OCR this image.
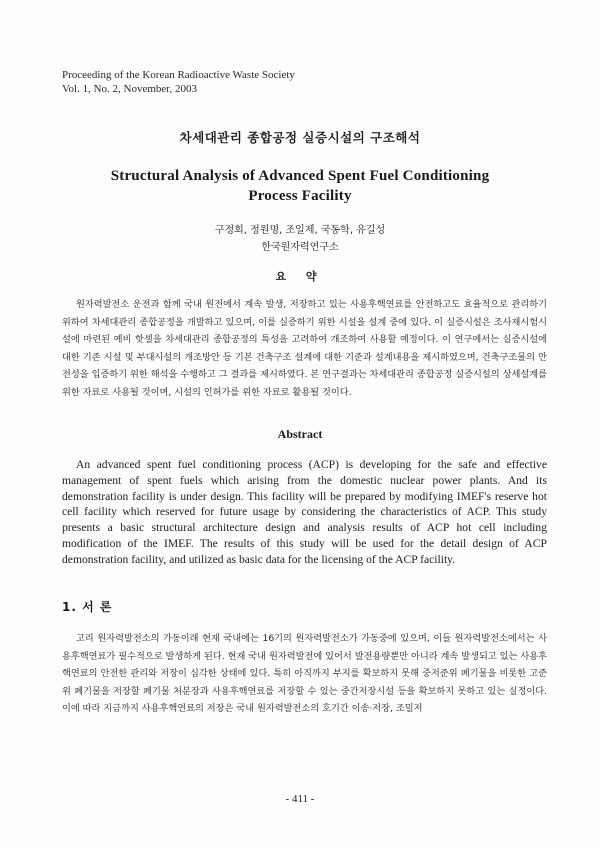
Proceeding of the Korean Radioactive Waste Society
Vol. 1, No. 2, November, 2003
차세대관리 종합공정 실증시설의 구조해석
Structural Analysis of Advanced Spent Fuel Conditioning Process Facility
구정회, 정원명, 조일제, 국동학, 유길성
한국원자력연구소
요 약

원자력발전소 운전과 함께 국내 원전에서 계속 발생, 저장하고 있는 사용후핵연료를 안전하고도 효율적으로 관리하기 위하여 차세대관리 종합공정을 개발하고 있으며, 이를 실증하기 위한 시설을 설계 중에 있다. 이 실증시설은 조사재시험시설에 마련된 예비 핫셀을 차세대관리 종합공정의 특성을 고려하여 개조하여 사용할 예정이다. 이 연구에서는 실증시설에 대한 기존 시설 및 부대시설의 개조방안 등 기본 건축구조 설계에 대한 기준과 설계내용을 제시하였으며, 건축구조물의 안전성을 입증하기 위한 해석을 수행하고 그 결과를 제시하였다. 본 연구결과는 차세대관리 종합공정 실증시설의 상세설계를 위한 자료로 사용될 것이며, 시설의 인허가를 위한 자료로 활용될 것이다.

Abstract

An advanced spent fuel conditioning process (ACP) is developing for the safe and effective management of spent fuels which arising from the domestic nuclear power plants. And its demonstration facility is under design. This facility will be prepared by modifying IMEF's reserve hot cell facility which reserved for future usage by considering the characteristics of ACP. This study presents a basic structural architecture design and analysis results of ACP hot cell including modification of the IMEF. The results of this study will be used for the detail design of ACP demonstration facility, and utilized as basic data for the licensing of the ACP facility.

1. 서 론

고리 원자력발전소의 가동이래 현재 국내에는 16기의 원자력발전소가 가동중에 있으며, 이들 원자력발전소에서는 사용후핵연료가 필수적으로 발생하게 된다. 현재 국내 원자력발전에 있어서 발전용량뿐만 아니라 계속 발생되고 있는 사용후핵연료의 안전한 관리와 저장이 심각한 상태에 있다. 특히 아직까지 부지를 확보하지 못해 중저준위 폐기물을 비롯한 고준위 폐기물을 저장할 폐기물 처분장과 사용후핵연료를 저장할 수 있는 중간저장시설 등을 확보하지 못하고 있는 실정이다. 이에 따라 지금까지 사용후핵연료의 저장은 국내 원자력발전소의 호기간 이송·저장, 조밀저

- 411 -
